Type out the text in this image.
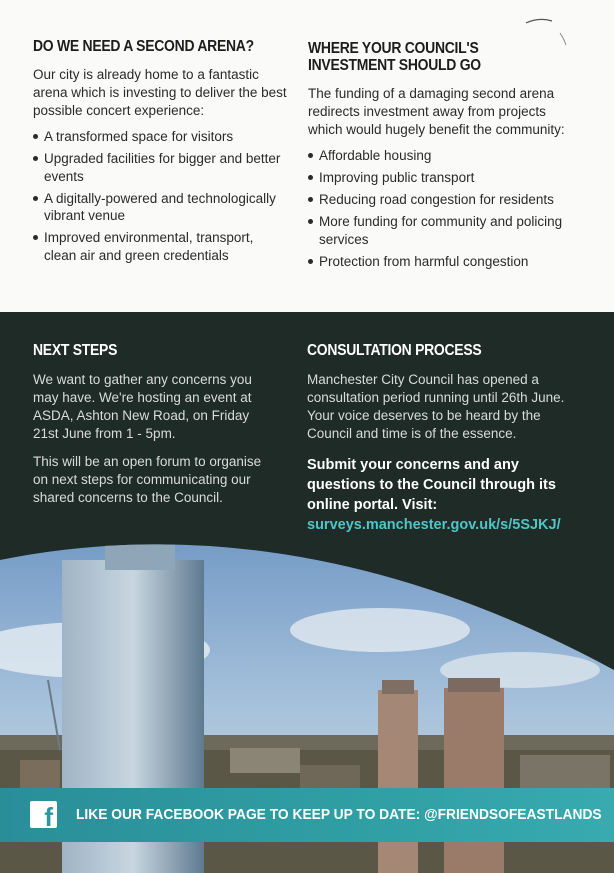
DO WE NEED A SECOND ARENA?

Our city is already home to a fantastic arena which is investing to deliver the best possible concert experience:

A transformed space for visitors
Upgraded facilities for bigger and better events
A digitally-powered and technologically vibrant venue
Improved environmental, transport, clean air and green credentials
WHERE YOUR COUNCIL'S INVESTMENT SHOULD GO

The funding of a damaging second arena redirects investment away from projects which would hugely benefit the community:

Affordable housing
Improving public transport
Reducing road congestion for residents
More funding for community and policing services
Protection from harmful congestion
NEXT STEPS

We want to gather any concerns you may have. We're hosting an event at ASDA, Ashton New Road, on Friday 21st June from 1 - 5pm.

This will be an open forum to organise on next steps for communicating our shared concerns to the Council.

CONSULTATION PROCESS

Manchester City Council has opened a consultation period running until 26th June. Your voice deserves to be heard by the Council and time is of the essence.

Submit your concerns and any questions to the Council through its online portal. Visit:

surveys.manchester.gov.uk/s/5SJKJ/

f LIKE OUR FACEBOOK PAGE TO KEEP UP TO DATE: @FRIENDSOFEASTLANDS
